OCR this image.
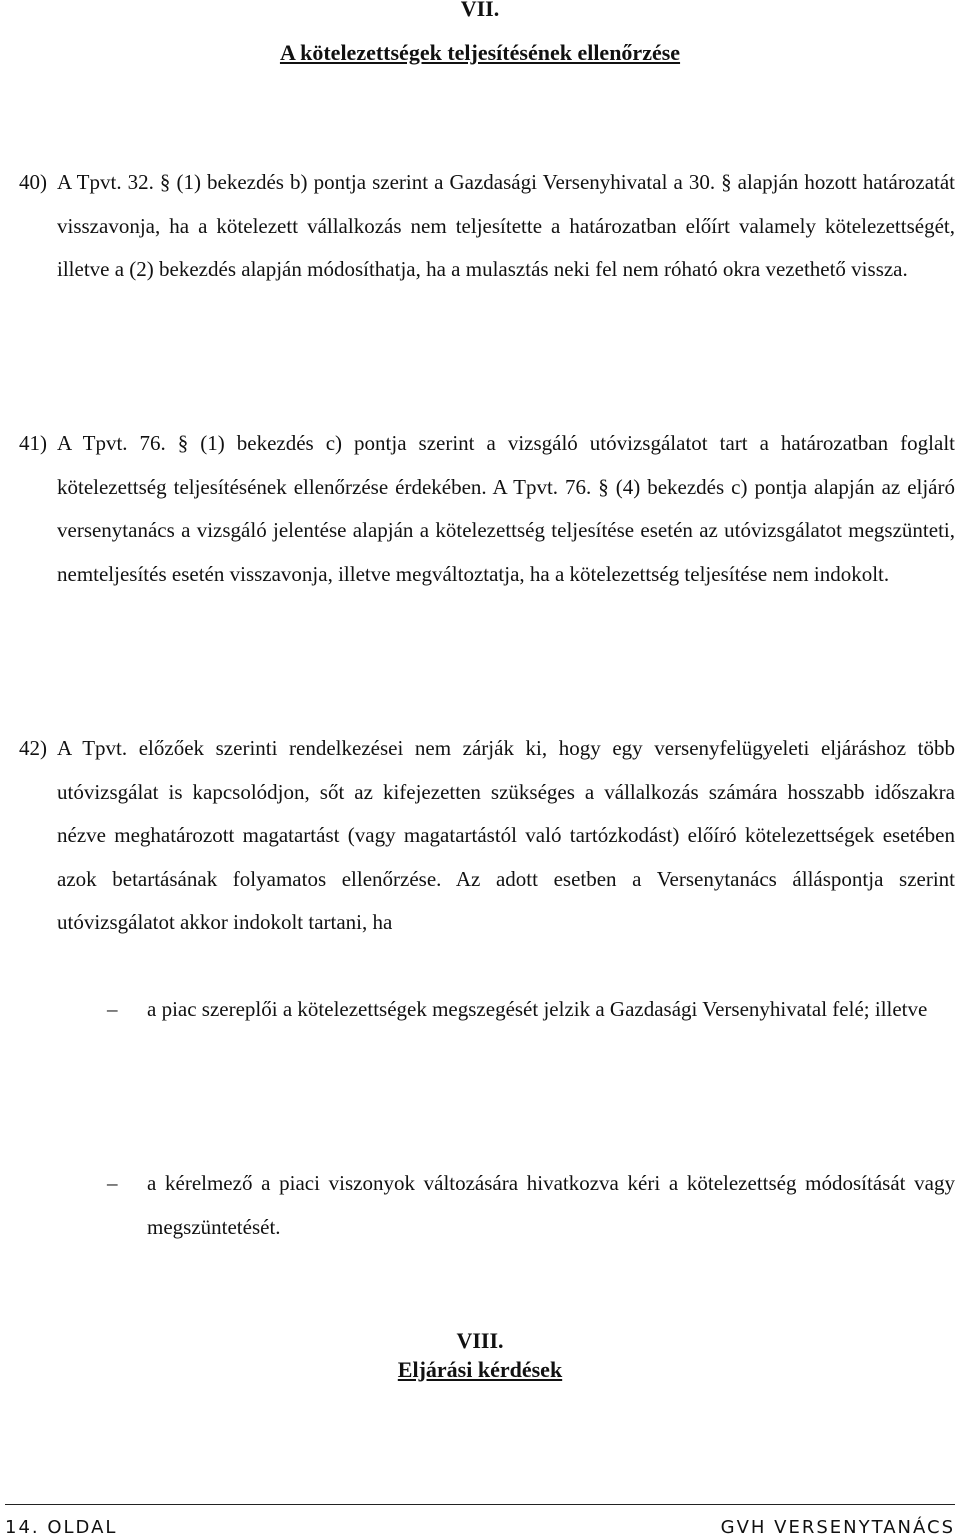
VII.
A kötelezettségek teljesítésének ellenőrzése
40) A Tpvt. 32. § (1) bekezdés b) pontja szerint a Gazdasági Versenyhivatal a 30. § alapján hozott határozatát visszavonja, ha a kötelezett vállalkozás nem teljesítette a határozatban előírt valamely kötelezettségét, illetve a (2) bekezdés alapján módosíthatja, ha a mulasztás neki fel nem róható okra vezethető vissza.
41) A Tpvt. 76. § (1) bekezdés c) pontja szerint a vizsgáló utóvizsgálatot tart a határozatban foglalt kötelezettség teljesítésének ellenőrzése érdekében. A Tpvt. 76. § (4) bekezdés c) pontja alapján az eljáró versenytanács a vizsgáló jelentése alapján a kötelezettség teljesítése esetén az utóvizsgálatot megszünteti, nemteljesítés esetén visszavonja, illetve megváltoztatja, ha a kötelezettség teljesítése nem indokolt.
42) A Tpvt. előzőek szerinti rendelkezései nem zárják ki, hogy egy versenyfelügyeleti eljáráshoz több utóvizsgálat is kapcsolódjon, sőt az kifejezetten szükséges a vállalkozás számára hosszabb időszakra nézve meghatározott magatartást (vagy magatartástól való tartózkodást) előíró kötelezettségek esetében azok betartásának folyamatos ellenőrzése. Az adott esetben a Versenytanács álláspontja szerint utóvizsgálatot akkor indokolt tartani, ha
– a piac szereplői a kötelezettségek megszegését jelzik a Gazdasági Versenyhivatal felé; illetve
– a kérelmező a piaci viszonyok változására hivatkozva kéri a kötelezettség módosítását vagy megszüntetését.
VIII.
Eljárási kérdések
14. OLDAL	GVH VERSENYTANÁCS
